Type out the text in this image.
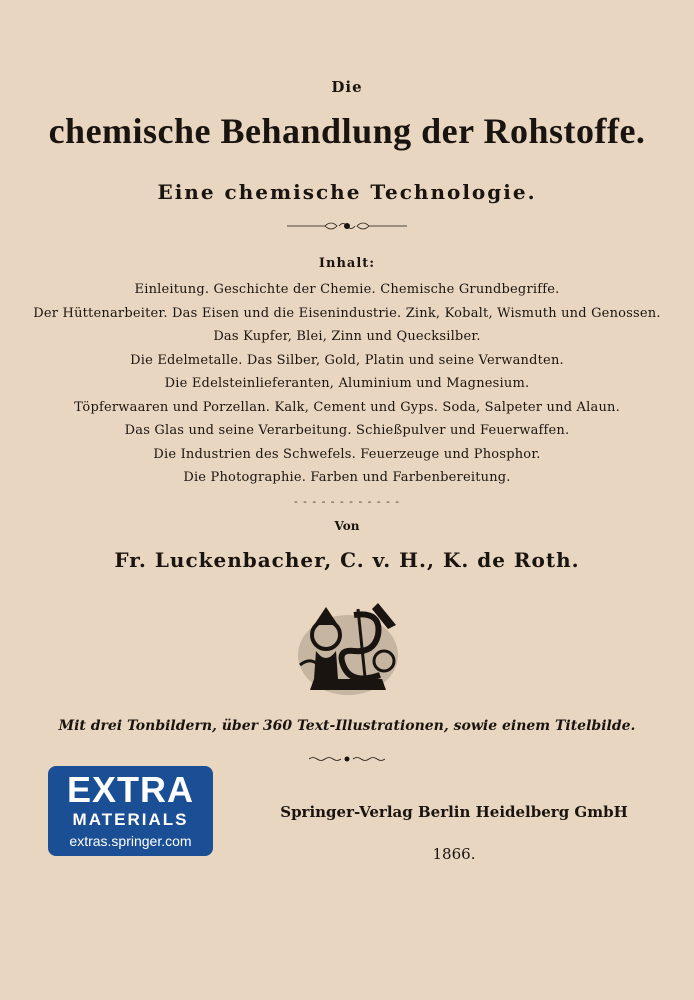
Die
chemische Behandlung der Rohstoffe.
Eine chemische Technologie.
Inhalt:
Einleitung. Geschichte der Chemie. Chemische Grundbegriffe.
Der Hüttenarbeiter. Das Eisen und die Eisenindustrie. Zink, Kobalt, Wismuth und Genossen.
Das Kupfer, Blei, Zinn und Quecksilber.
Die Edelmetalle. Das Silber, Gold, Platin und seine Verwandten.
Die Edelsteinlieferanten, Aluminium und Magnesium.
Töpferwaaren und Porzellan. Kalk, Cement und Gyps. Soda, Salpeter und Alaun.
Das Glas und seine Verarbeitung. Schießpulver und Feuerwaffen.
Die Industrien des Schwefels. Feuerzeuge und Phosphor.
Die Photographie. Farben und Farbenbereitung.
- - - - - - - - - - - -
Von
Fr. Luckenbacher, C. v. H., K. de Roth.
Mit drei Tonbildern, über 360 Text-Illustrationen, sowie einem Titelbilde.
Springer-Verlag Berlin Heidelberg GmbH
1866.
EXTRA
MATERIALS
extras.springer.com
